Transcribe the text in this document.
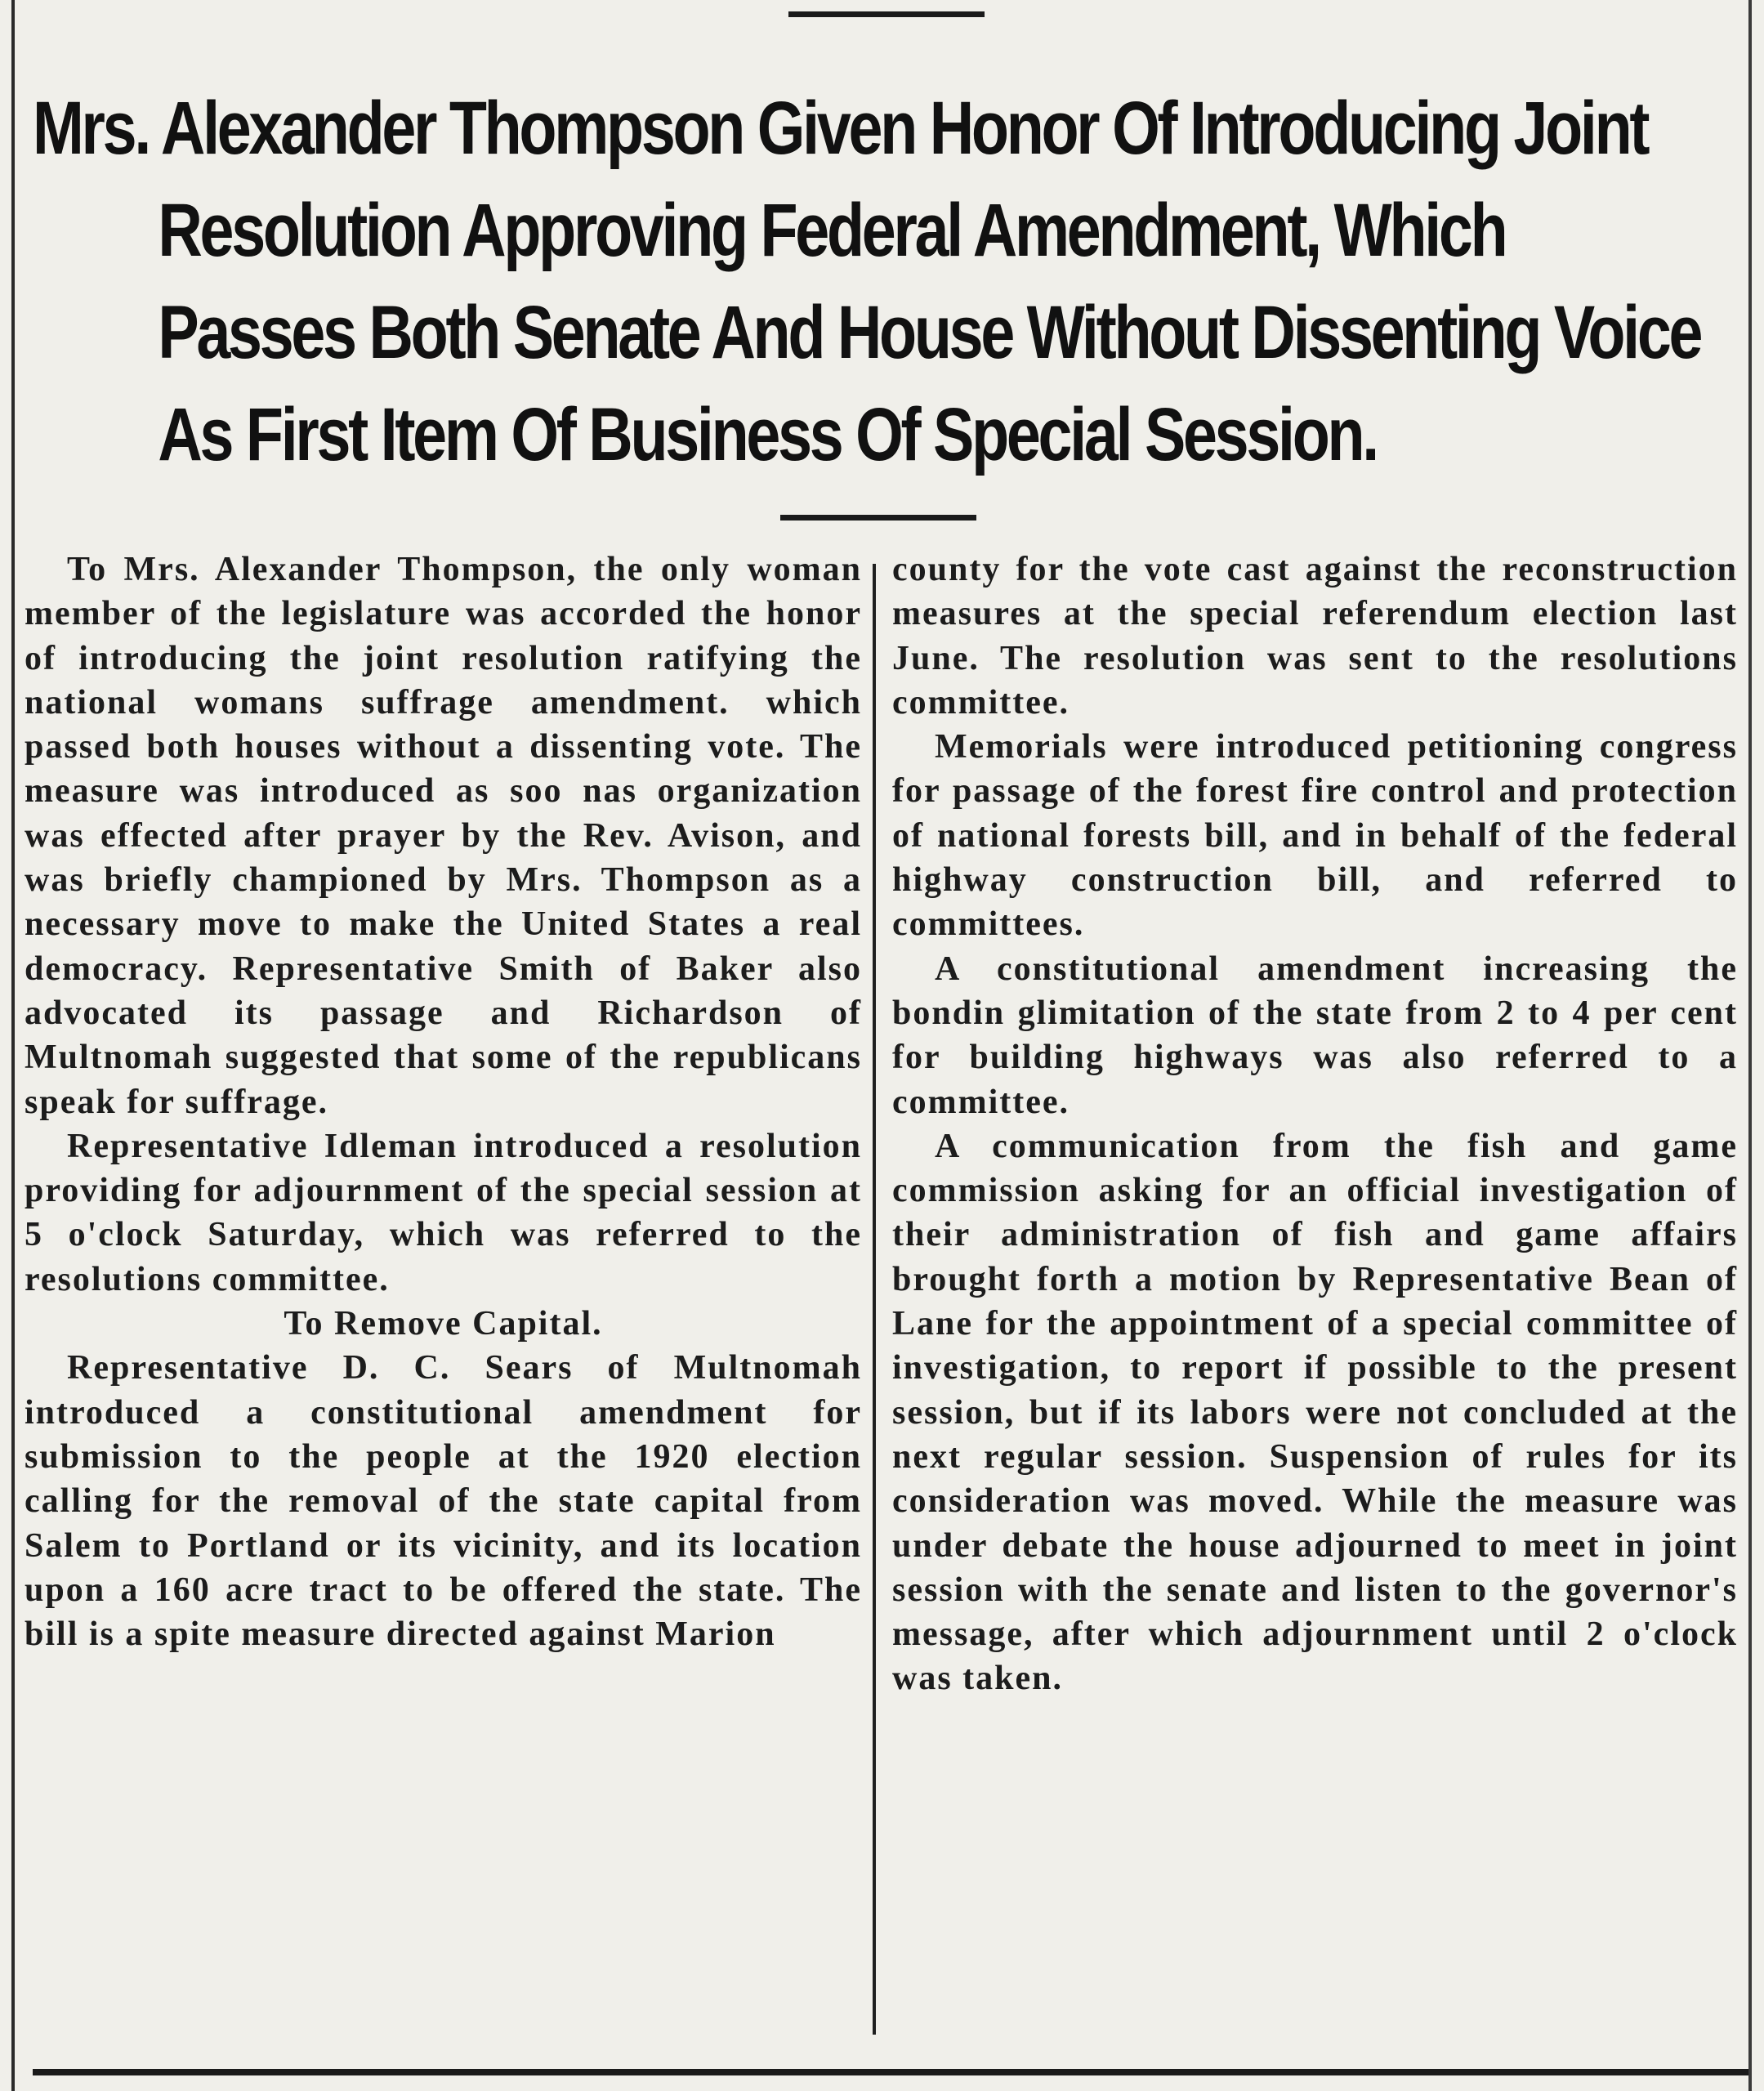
Mrs. Alexander Thompson Given Honor Of Introducing Joint
Resolution Approving Federal Amendment, Which
Passes Both Senate And House Without Dissenting Voice
As First Item Of Business Of Special Session.

To Mrs. Alexander Thompson, the only woman member of the legislature was accorded the honor of introducing the joint resolution ratifying the national womans suffrage amendment. which passed both houses without a dissenting vote. The measure was introduced as soo nas organization was effected after prayer by the Rev. Avison, and was briefly championed by Mrs. Thompson as a necessary move to make the United States a real democracy. Representative Smith of Baker also advocated its passage and Richardson of Multnomah suggested that some of the republicans speak for suffrage.

Representative Idleman introduced a resolution providing for adjournment of the special session at 5 o'clock Saturday, which was referred to the resolutions committee.

To Remove Capital.

Representative D. C. Sears of Multnomah introduced a constitutional amendment for submission to the people at the 1920 election calling for the removal of the state capital from Salem to Portland or its vicinity, and its location upon a 160 acre tract to be offered the state. The bill is a spite measure directed against Marion

county for the vote cast against the reconstruction measures at the special referendum election last June. The resolution was sent to the resolutions committee.

Memorials were introduced petitioning congress for passage of the forest fire control and protection of national forests bill, and in behalf of the federal highway construction bill, and referred to committees.

A constitutional amendment increasing the bondin glimitation of the state from 2 to 4 per cent for building highways was also referred to a committee.

A communication from the fish and game commission asking for an official investigation of their administration of fish and game affairs brought forth a motion by Representative Bean of Lane for the appointment of a special committee of investigation, to report if possible to the present session, but if its labors were not concluded at the next regular session. Suspension of rules for its consideration was moved. While the measure was under debate the house adjourned to meet in joint session with the senate and listen to the governor's message, after which adjournment until 2 o'clock was taken.
